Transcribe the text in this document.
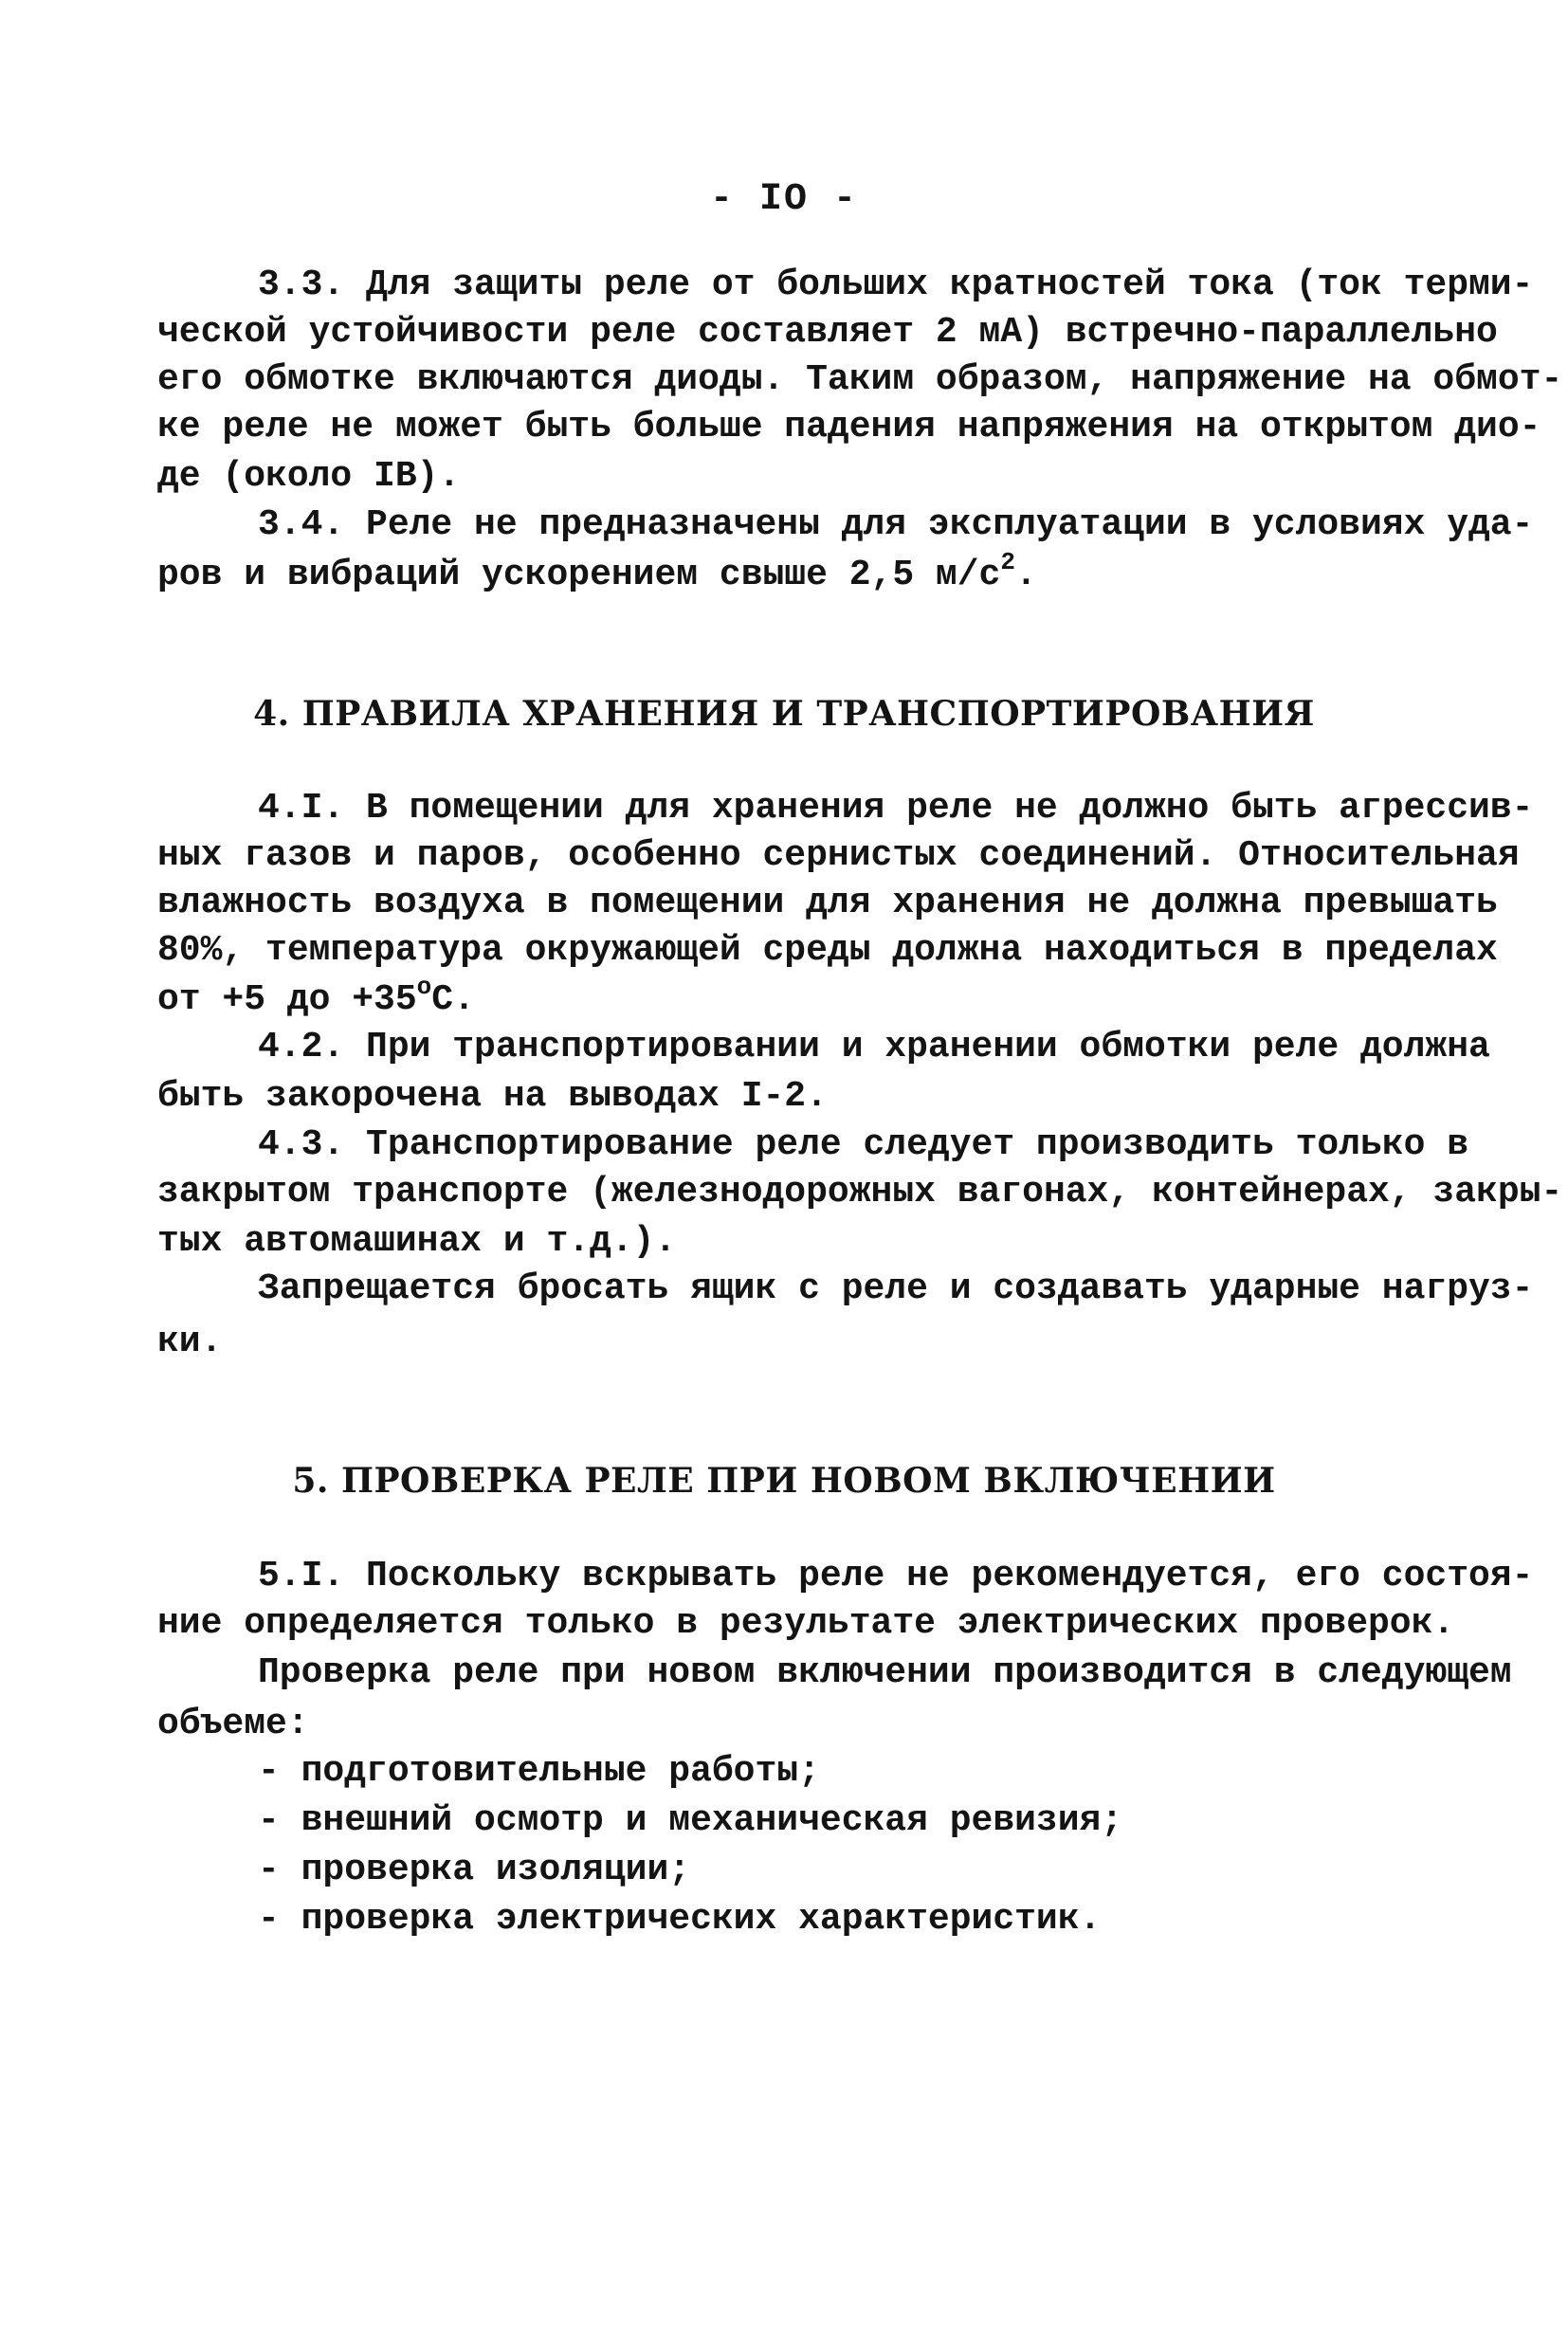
- IO -
3.3. Для защиты реле от больших кратностей тока (ток терми-
ческой устойчивости реле составляет 2 мА) встречно-параллельно
его обмотке включаются диоды. Таким образом, напряжение на обмот-
ке реле не может быть больше падения напряжения на открытом дио-
де (около IB).
3.4. Реле не предназначены для эксплуатации в условиях уда-
ров и вибраций ускорением свыше 2,5 $м/с^2$.
4. ПРАВИЛА ХРАНЕНИЯ И ТРАНСПОРТИРОВАНИЯ
4.I. В помещении для хранения реле не должно быть агрессив-
ных газов и паров, особенно сернистых соединений. Относительная
влажность воздуха в помещении для хранения не должна превышать
80%, температура окружающей среды должна находиться в пределах
от +5 до $+35^оС$.
4.2. При транспортировании и хранении обмотки реле должна
быть закорочена на выводах I-2.
4.3. Транспортирование реле следует производить только в
закрытом транспорте (железнодорожных вагонах, контейнерах, закры-
тых автомашинах и т.д.).
Запрещается бросать ящик с реле и создавать ударные нагруз-
ки.
5. ПРОВЕРКА РЕЛЕ ПРИ НОВОМ ВКЛЮЧЕНИИ
5.I. Поскольку вскрывать реле не рекомендуется, его состоя-
ние определяется только в результате электрических проверок.
Проверка реле при новом включении производится в следующем
объеме:
- подготовительные работы;
- внешний осмотр и механическая ревизия;
- проверка изоляции;
- проверка электрических характеристик.
